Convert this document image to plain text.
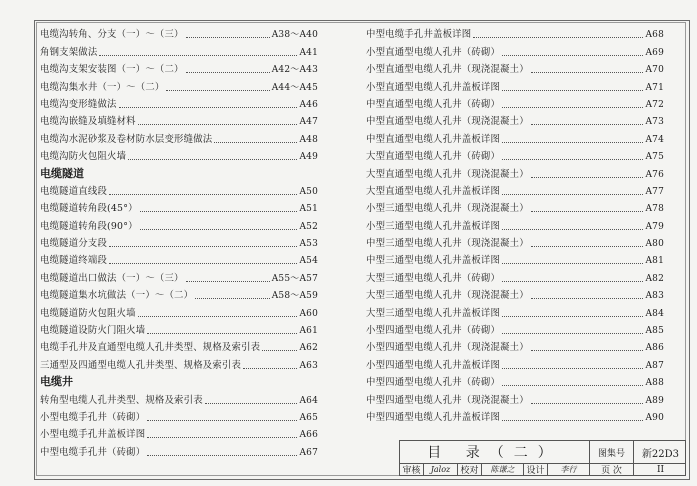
电缆沟转角、分支（一）～（三）	A38～A40
角钢支架做法	A41
电缆沟支架安装图（一）～（二）	A42～A43
电缆沟集水井（一）～（二）	A44～A45
电缆沟变形缝做法	A46
电缆沟嵌缝及填缝材料	A47
电缆沟水泥砂浆及卷材防水层变形缝做法	A48
电缆沟防火包阻火墙	A49
电缆隧道
电缆隧道直线段	A50
电缆隧道转角段(45°）	A51
电缆隧道转角段(90°）	A52
电缆隧道分支段	A53
电缆隧道终端段	A54
电缆隧道出口做法（一）～（三）	A55～A57
电缆隧道集水坑做法（一）～（二）	A58～A59
电缆隧道防火包阻火墙	A60
电缆隧道设防火门阻火墙	A61
电缆手孔井及直通型电缆人孔井类型、规格及索引表	A62
三通型及四通型电缆人孔井类型、规格及索引表	A63
电缆井
转角型电缆人孔井类型、规格及索引表	A64
小型电缆手孔井（砖砌）	A65
小型电缆手孔井盖板详图	A66
中型电缆手孔井（砖砌）	A67
中型电缆手孔井盖板详图	A68
小型直通型电缆人孔井（砖砌）	A69
小型直通型电缆人孔井（现浇混凝土）	A70
小型直通型电缆人孔井盖板详图	A71
中型直通型电缆人孔井（砖砌）	A72
中型直通型电缆人孔井（现浇混凝土）	A73
中型直通型电缆人孔井盖板详图	A74
大型直通型电缆人孔井（砖砌）	A75
大型直通型电缆人孔井（现浇混凝土）	A76
大型直通型电缆人孔井盖板详图	A77
小型三通型电缆人孔井（现浇混凝土）	A78
小型三通型电缆人孔井盖板详图	A79
中型三通型电缆人孔井（现浇混凝土）	A80
中型三通型电缆人孔井盖板详图	A81
大型三通型电缆人孔井（砖砌）	A82
大型三通型电缆人孔井（现浇混凝土）	A83
大型三通型电缆人孔井盖板详图	A84
小型四通型电缆人孔井（砖砌）	A85
小型四通型电缆人孔井（现浇混凝土）	A86
小型四通型电缆人孔井盖板详图	A87
中型四通型电缆人孔井（砖砌）	A88
中型四通型电缆人孔井（现浇混凝土）	A89
中型四通型电缆人孔井盖板详图	A90
目 录（二）	图集号 新22D3
审核 Jaloz 校对 陈谦之 设计 李行	页 次	II
